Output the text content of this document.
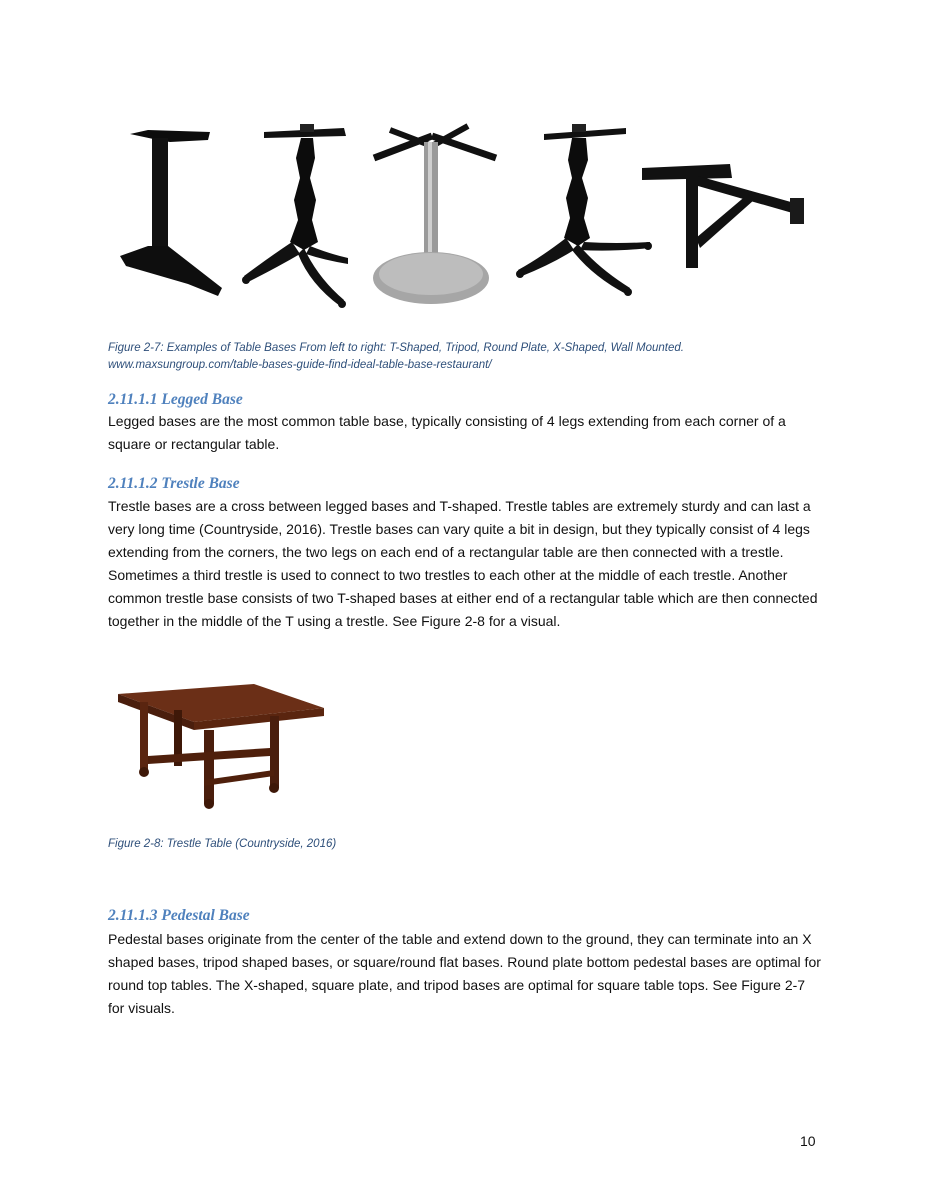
Figure 2-7: Examples of Table Bases From left to right: T-Shaped, Tripod, Round Plate, X-Shaped, Wall Mounted.

www.maxsungroup.com/table-bases-guide-find-ideal-table-base-restaurant/

2.11.1.1 Legged Base

Legged bases are the most common table base, typically consisting of 4 legs extending from each corner of a square or rectangular table.

2.11.1.2 Trestle Base

Trestle bases are a cross between legged bases and T-shaped. Trestle tables are extremely sturdy and can last a very long time (Countryside, 2016). Trestle bases can vary quite a bit in design, but they typically consist of 4 legs extending from the corners, the two legs on each end of a rectangular table are then connected with a trestle. Sometimes a third trestle is used to connect to two trestles to each other at the middle of each trestle. Another common trestle base consists of two T-shaped bases at either end of a rectangular table which are then connected together in the middle of the T using a trestle. See Figure 2-8 for a visual.

Figure 2-8: Trestle Table (Countryside, 2016)

2.11.1.3 Pedestal Base

Pedestal bases originate from the center of the table and extend down to the ground, they can terminate into an X shaped bases, tripod shaped bases, or square/round flat bases. Round plate bottom pedestal bases are optimal for round top tables. The X-shaped, square plate, and tripod bases are optimal for square table tops. See Figure 2-7 for visuals.

10
